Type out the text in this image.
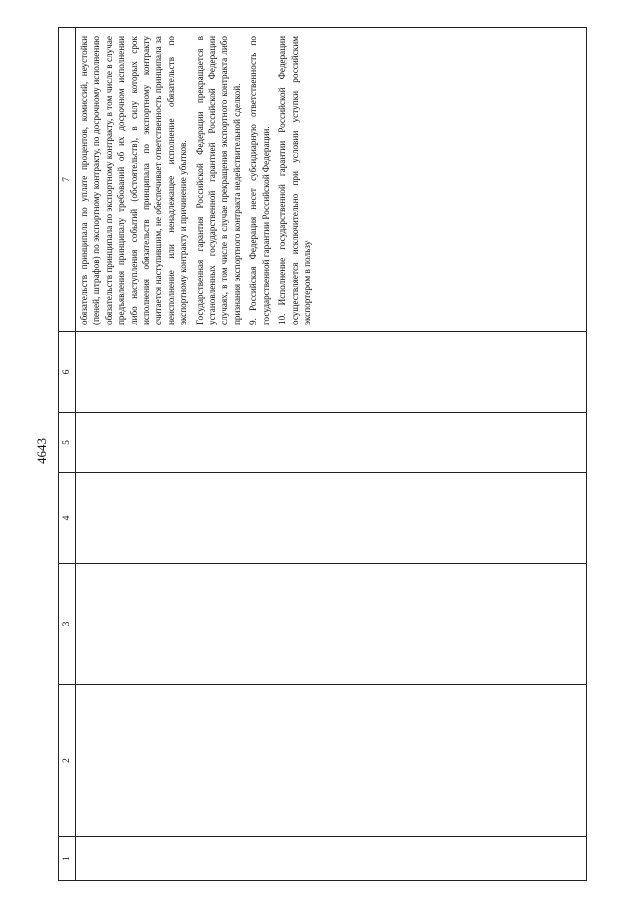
4643
1	2	3	4	5	6	7

						обязательств принципала по уплате процентов, комиссий, неустойки (пеней, штрафов) по экспортному контракту, по досрочному исполнению обязательств принципала по экспортному контракту, в том числе в случае предъявления принципалу требований об их досрочном исполнении либо наступления событий (обстоятельств), в силу которых срок исполнения обязательств принципала по экспортному контракту считается наступившим, не обеспечивает ответственность принципала за неисполнение или ненадлежащее исполнение обязательств по экспортному контракту и причинение убытков. Государственная гарантия Российской Федерации прекращается в установленных государственной гарантией Российской Федерации случаях, в том числе в случае прекращения экспортного контракта либо признания экспортного контракта недействительной сделкой. 9. Российская Федерация несет субсидиарную ответственность по государственной гарантии Российской Федерации. 10. Исполнение государственной гарантии Российской Федерации осуществляется исключительно при условии уступки российским экспортером в пользу
